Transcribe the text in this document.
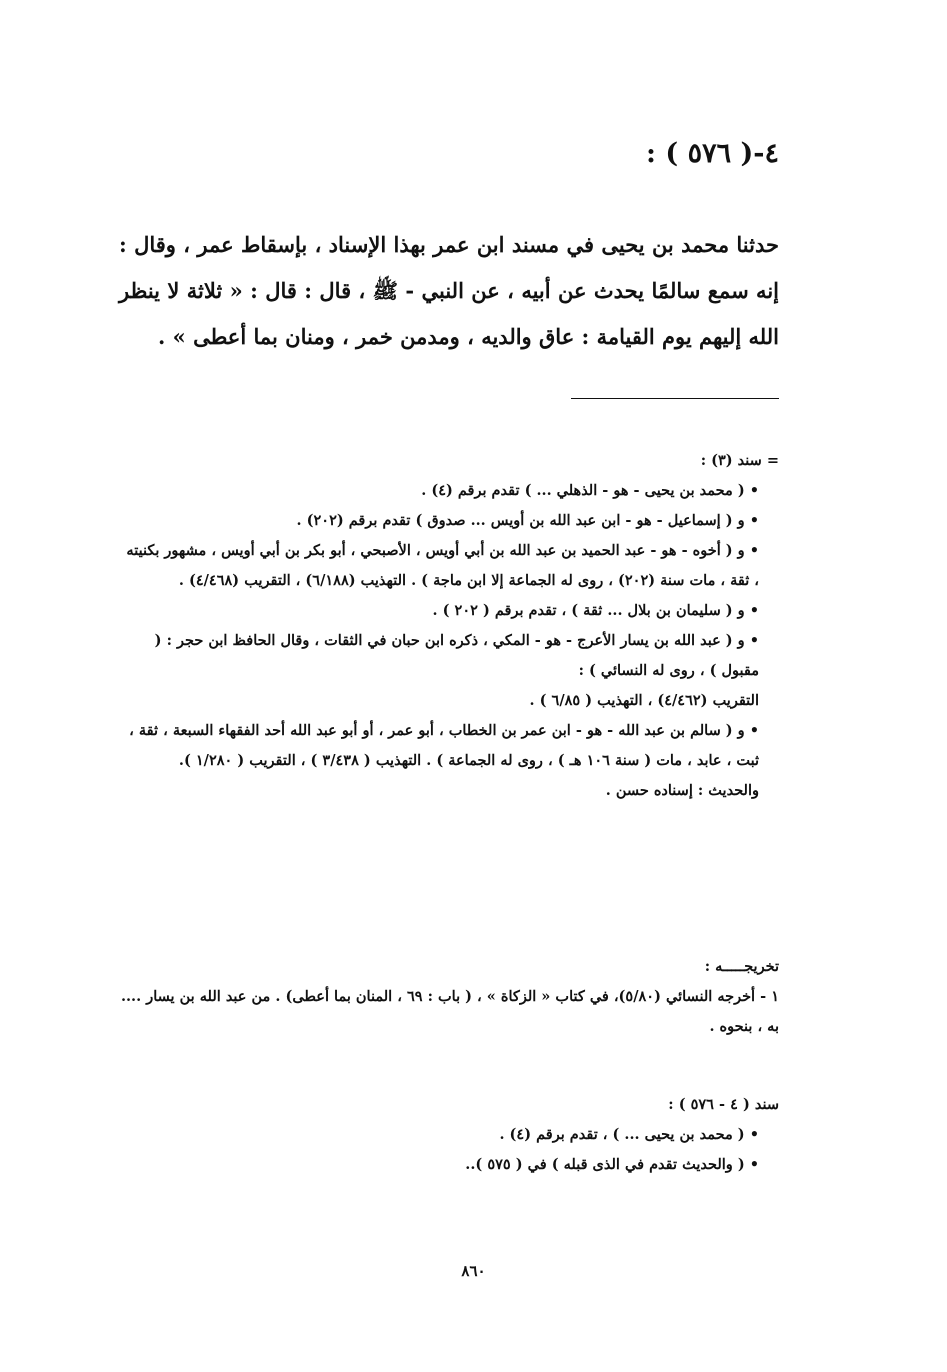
٤-( ٥٧٦ ) :
حدثنا محمد بن يحيى في مسند ابن عمر بهذا الإسناد ، بإسقاط عمر ، وقال : إنه سمع سالمًا يحدث عن أبيه ، عن النبي - ﷺ ، قال : قال : « ثلاثة لا ينظر الله إليهم يوم القيامة : عاق والديه ، ومدمن خمر ، ومنان بما أعطى » .

= سند (٣) :

• ( محمد بن يحيى - هو - الذهلي ... ) تقدم برقم (٤) .

• و ( إسماعيل - هو - ابن عبد الله بن أويس ... صدوق ) تقدم برقم (٢٠٢) .

• و ( أخوه - هو - عبد الحميد بن عبد الله بن أبي أويس ، الأصبحي ، أبو بكر بن أبي أويس ، مشهور بكنيته ، ثقة ، مات سنة (٢٠٢) ، روى له الجماعة إلا ابن ماجة ) . التهذيب (٦/١٨٨) ، التقريب (٤/٤٦٨) .

• و ( سليمان بن بلال ... ثقة ) ، تقدم برقم ( ٢٠٢ ) .

• و ( عبد الله بن يسار الأعرج - هو - المكي ، ذكره ابن حبان في الثقات ، وقال الحافظ ابن حجر : ( مقبول ) ، روى له النسائي ) :

التقريب (٤/٤٦٢) ، التهذيب ( ٦/٨٥ ) .

• و ( سالم بن عبد الله - هو - ابن عمر بن الخطاب ، أبو عمر ، أو أبو عبد الله أحد الفقهاء السبعة ، ثقة ، ثبت ، عابد ، مات ( سنة ١٠٦ هـ ) ، روى له الجماعة ) . التهذيب ( ٣/٤٣٨ ) ، التقريب ( ١/٢٨٠ ).

والحديث : إسناده حسن .

تخريجـــــه :

١ - أخرجه النسائي (٥/٨٠)، في كتاب « الزكاة » ، ( باب : ٦٩ ، المنان بما أعطى) . من عبد الله بن يسار .... به ، بنحوه .

سند ( ٤ - ٥٧٦ ) :

• ( محمد بن يحيى ... ) ، تقدم برقم (٤) .

• ( والحديث تقدم في الذى قبله ) في ( ٥٧٥ )..

٨٦٠
